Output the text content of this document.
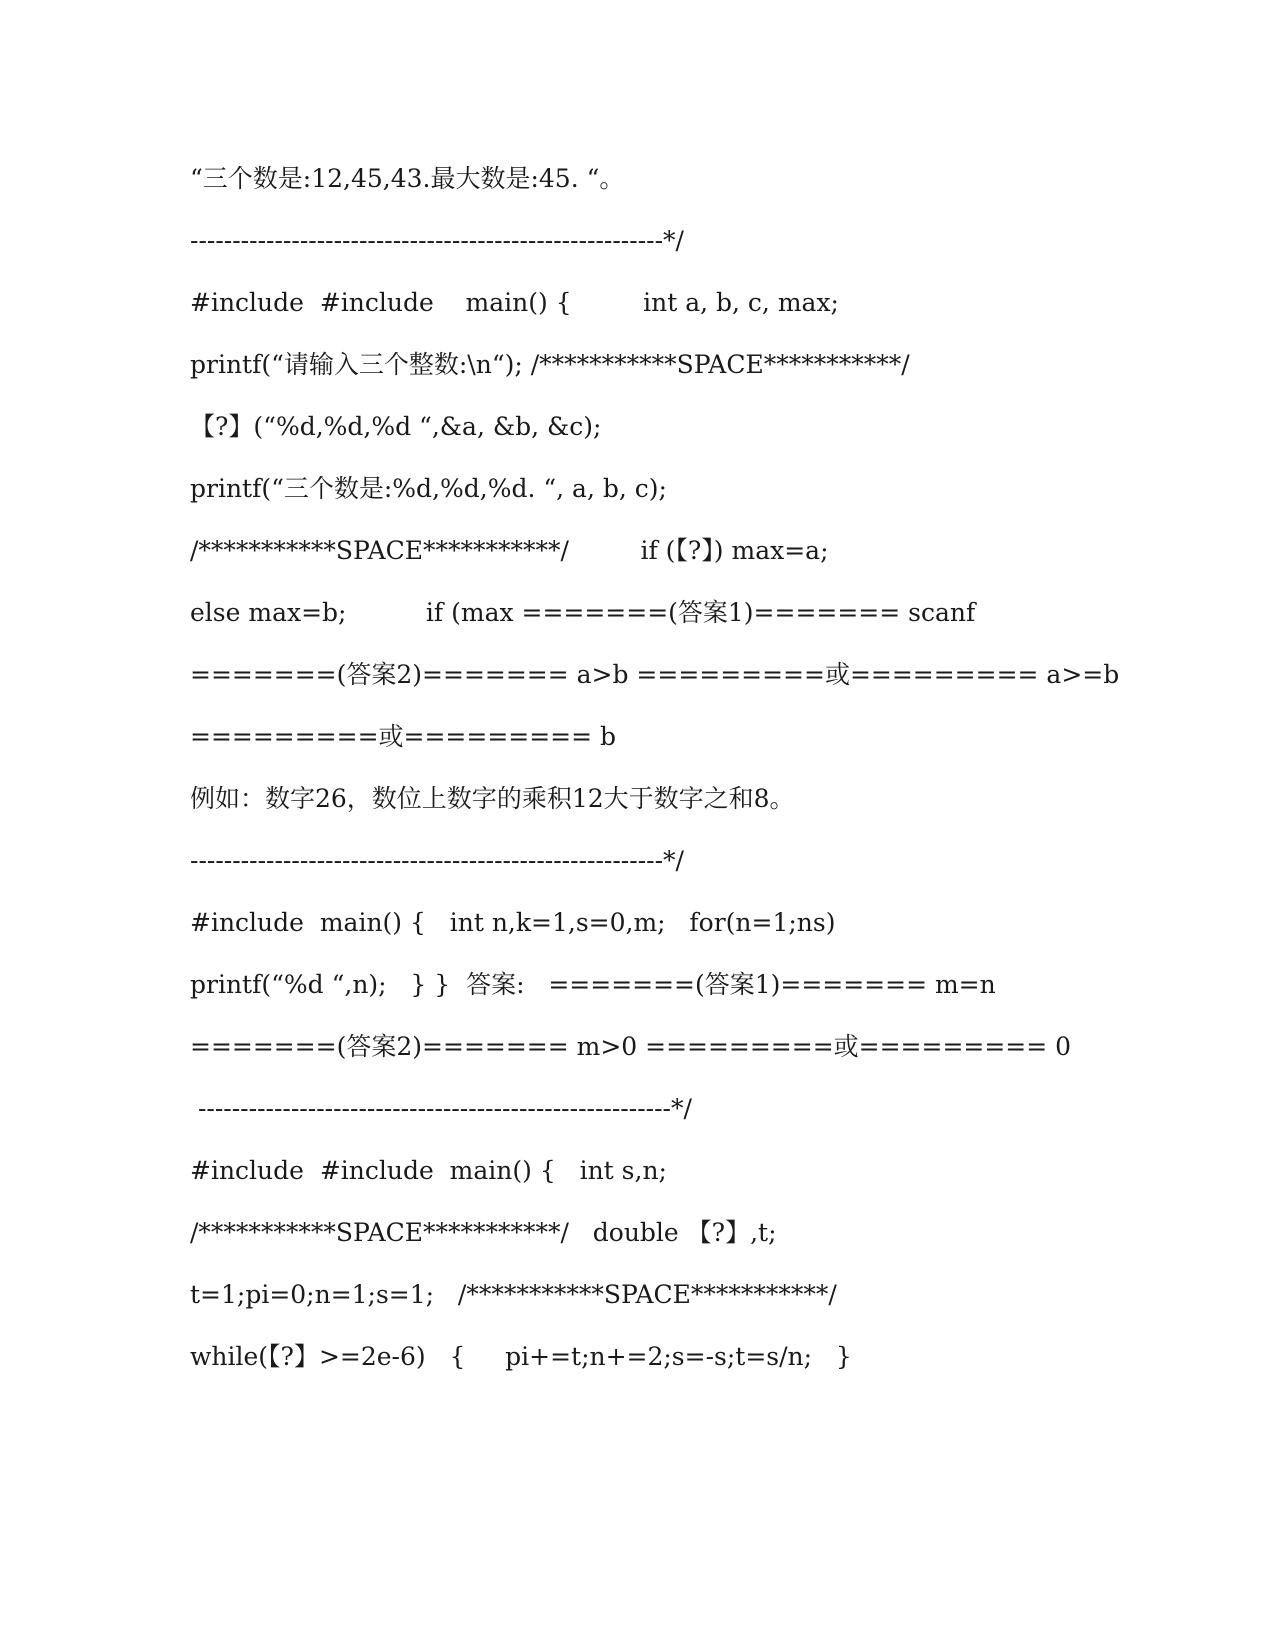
“三个数是:12,45,43.最大数是:45. “。
--------------------------------------------------------*/
#include  #include    main() {         int a, b, c, max;
printf(“请输入三个整数:\n“); /***********SPACE***********/
【?】(“%d,%d,%d “,&a, &b, &c);
printf(“三个数是:%d,%d,%d. “, a, b, c);
/***********SPACE***********/         if (【?】) max=a;
else max=b;          if (max =======(答案1)======= scanf
=======(答案2)======= a>b =========或========= a>=b
=========或========= b
例如：数字26，数位上数字的乘积12大于数字之和8。
--------------------------------------------------------*/
#include  main() {   int n,k=1,s=0,m;   for(n=1;ns)
printf(“%d “,n);   } }  答案:   =======(答案1)======= m=n
=======(答案2)======= m>0 =========或========= 0
--------------------------------------------------------*/
#include  #include  main() {   int s,n;
/***********SPACE***********/   double 【?】,t;
t=1;pi=0;n=1;s=1;   /***********SPACE***********/
while(【?】>=2e-6)   {     pi+=t;n+=2;s=-s;t=s/n;   }
